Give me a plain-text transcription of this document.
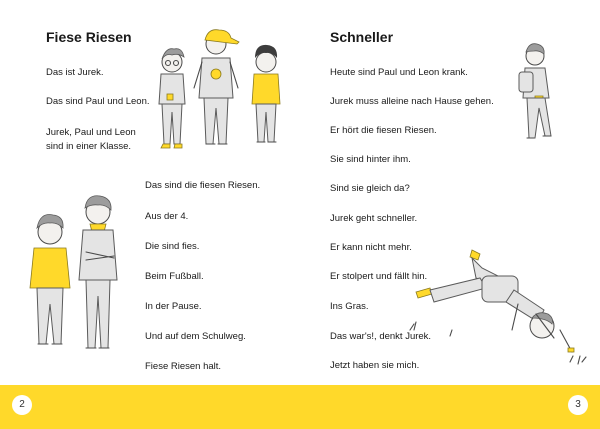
Fiese Riesen
Das ist Jurek.
Das sind Paul und Leon.
Jurek, Paul und Leon sind in einer Klasse.
Das sind die fiesen Riesen.
Aus der 4.
Die sind fies.
Beim Fußball.
In der Pause.
Und auf dem Schulweg.
Fiese Riesen halt.
Schneller
Heute sind Paul und Leon krank.
Jurek muss alleine nach Hause gehen.
Er hört die fiesen Riesen.
Sie sind hinter ihm.
Sind sie gleich da?
Jurek geht schneller.
Er kann nicht mehr.
Er stolpert und fällt hin.
Ins Gras.
Das war's!, denkt Jurek.
Jetzt haben sie mich.
2	3
